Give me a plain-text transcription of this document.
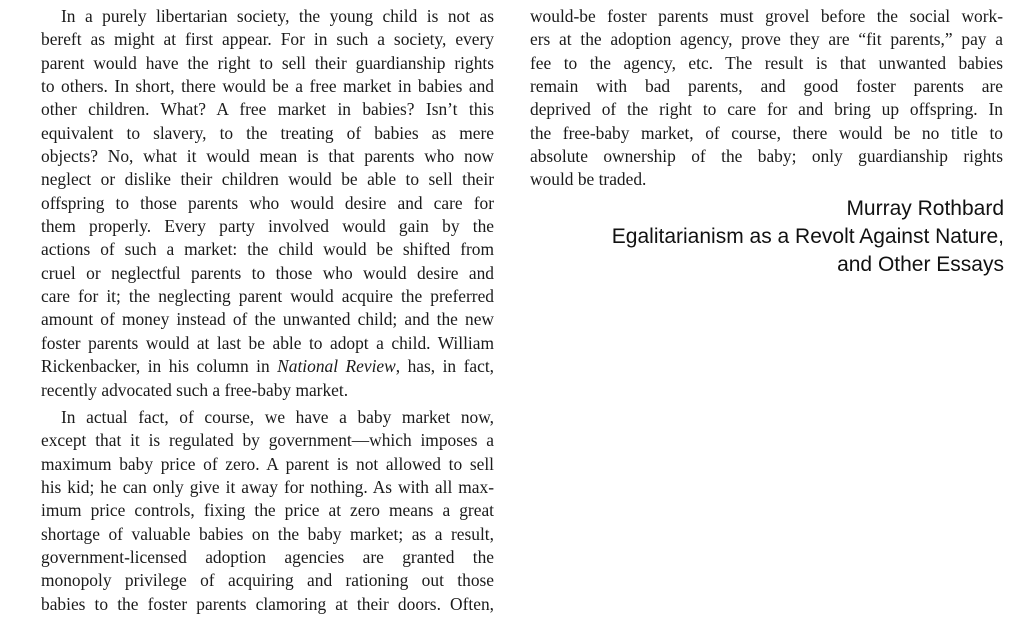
In a purely libertarian society, the young child is not as
bereft as might at first appear. For in such a society, every
parent would have the right to sell their guardianship rights
to others. In short, there would be a free market in babies and
other children. What? A free market in babies? Isn’t this
equivalent to slavery, to the treating of babies as mere
objects? No, what it would mean is that parents who now
neglect or dislike their children would be able to sell their
offspring to those parents who would desire and care for
them properly. Every party involved would gain by the
actions of such a market: the child would be shifted from
cruel or neglectful parents to those who would desire and
care for it; the neglecting parent would acquire the preferred
amount of money instead of the unwanted child; and the new
foster parents would at last be able to adopt a child. William
Rickenbacker, in his column in National Review, has, in fact,
recently advocated such a free-baby market.
In actual fact, of course, we have a baby market now,
except that it is regulated by government—which imposes a
maximum baby price of zero. A parent is not allowed to sell
his kid; he can only give it away for nothing. As with all max-
imum price controls, fixing the price at zero means a great
shortage of valuable babies on the baby market; as a result,
government-licensed adoption agencies are granted the
monopoly privilege of acquiring and rationing out those
babies to the foster parents clamoring at their doors. Often,
would-be foster parents must grovel before the social work-
ers at the adoption agency, prove they are “fit parents,” pay a
fee to the agency, etc. The result is that unwanted babies
remain with bad parents, and good foster parents are
deprived of the right to care for and bring up offspring. In
the free-baby market, of course, there would be no title to
absolute ownership of the baby; only guardianship rights
would be traded.
Murray Rothbard
Egalitarianism as a Revolt Against Nature,
and Other Essays
